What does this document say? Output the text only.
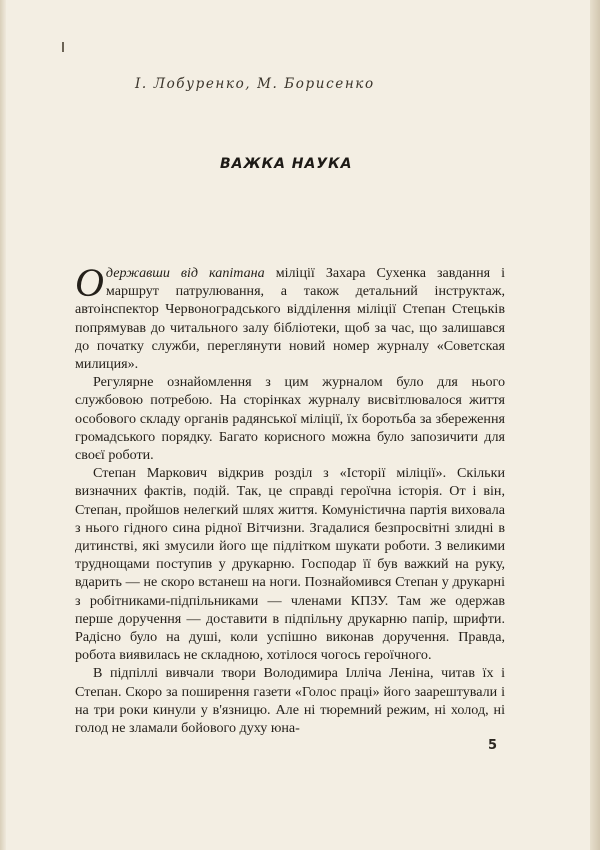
І. Лобуренко, М. Борисенко
ВАЖКА НАУКА

Одержавши від капітана міліції Захара Сухенка завдання і маршрут патрулювання, а також детальний інструктаж, автоінспектор Червоноградського відділення міліції Степан Стецьків попрямував до читального залу бібліотеки, щоб за час, що залишався до початку служби, переглянути новий номер журналу «Советская милиция».

Регулярне ознайомлення з цим журналом було для нього службовою потребою. На сторінках журналу висвітлювалося життя особового складу органів радянської міліції, їх боротьба за збереження громадського порядку. Багато корисного можна було запозичити для своєї роботи.

Степан Маркович відкрив розділ з «Історії міліції». Скільки визначних фактів, подій. Так, це справді героїчна історія. От і він, Степан, пройшов нелегкий шлях життя. Комуністична партія виховала з нього гідного сина рідної Вітчизни. Згадалися безпросвітні злидні в дитинстві, які змусили його ще підлітком шукати роботи. З великими труднощами поступив у друкарню. Господар її був важкий на руку, вдарить — не скоро встанеш на ноги. Познайомився Степан у друкарні з робітниками-підпільниками — членами КПЗУ. Там же одержав перше доручення — доставити в підпільну друкарню папір, шрифти. Радісно було на душі, коли успішно виконав доручення. Правда, робота виявилась не складною, хотілося чогось героїчного.

В підпіллі вивчали твори Володимира Ілліча Леніна, читав їх і Степан. Скоро за поширення газети «Голос праці» його заарештували і на три роки кинули у в'язницю. Але ні тюремний режим, ні холод, ні голод не зламали бойового духу юна-

5
